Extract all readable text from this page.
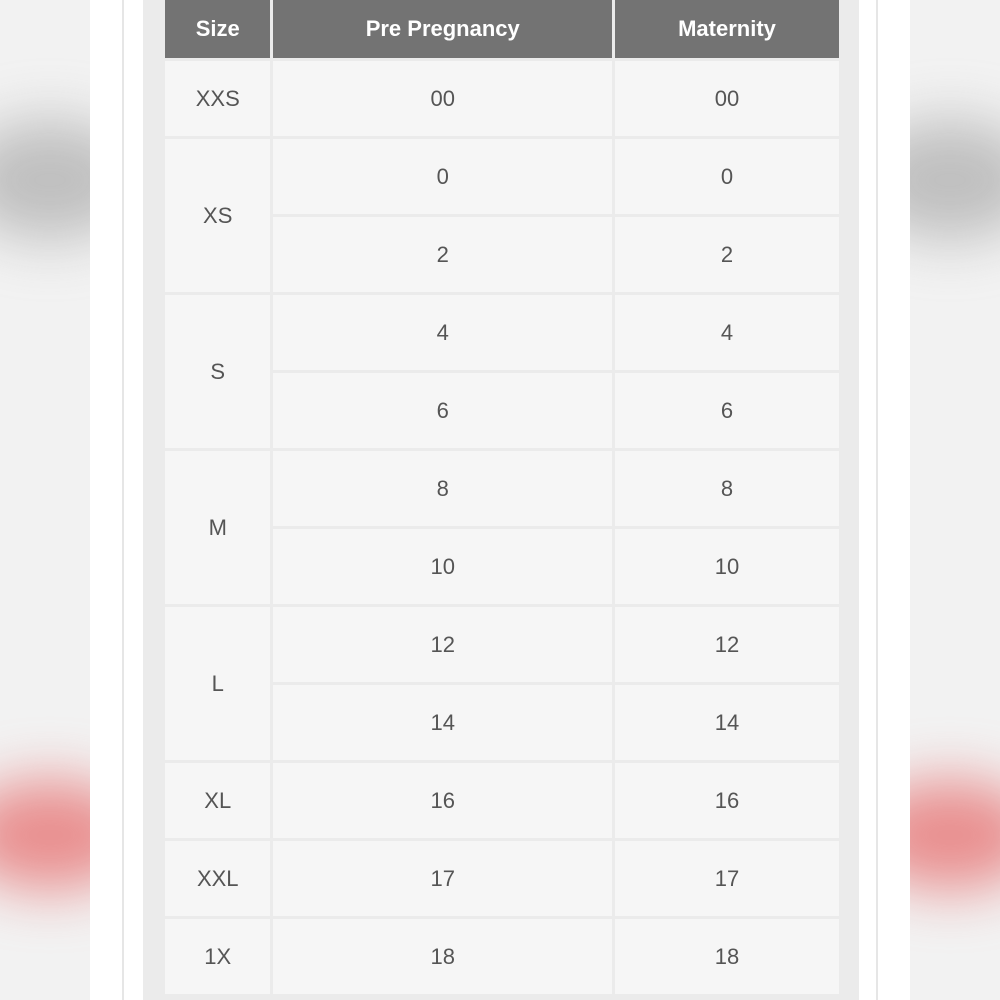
Size	Pre Pregnancy	Maternity
XXS	00	00
XS	0	0
	2	2
S	4	4
	6	6
M	8	8
	10	10
L	12	12
	14	14
XL	16	16
XXL	17	17
1X	18	18
